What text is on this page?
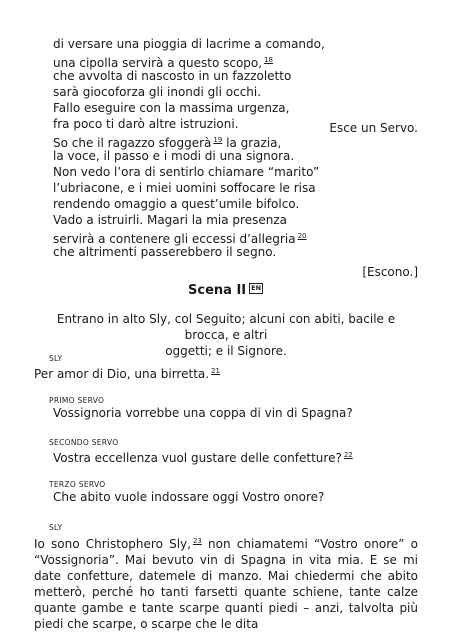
di versare una pioggia di lacrime a comando,
una cipolla servirà a questo scopo, $^{18}$
che avvolta di nascosto in un fazzoletto
sarà giocoforza gli inondi gli occhi.
Fallo eseguire con la massima urgenza,
fra poco ti darò altre istruzioni.	Esce un Servo.
So che il ragazzo sfoggerà $^{19}$ la grazia,
la voce, il passo e i modi di una signora.
Non vedo l’ora di sentirlo chiamare “marito”
l’ubriacone, e i miei uomini soffocare le risa
rendendo omaggio a quest’umile bifolco.
Vado a istruirli. Magari la mia presenza
servirà a contenere gli eccessi d’allegria $^{20}$
che altrimenti passerebbero il segno.
[Escono.]
Scena II EN
Entrano in alto Sly, col Seguito; alcuni con abiti, bacile e brocca, e altri
oggetti; e il Signore.
SLY
Per amor di Dio, una birretta. $^{21}$
PRIMO SERVO
Vossignoria vorrebbe una coppa di vin di Spagna?
SECONDO SERVO
Vostra eccellenza vuol gustare delle confetture? $^{22}$
TERZO SERVO
Che abito vuole indossare oggi Vostro onore?
SLY
Io sono Christophero Sly, $^{23}$ non chiamatemi “Vostro onore” o “Vossignoria”. Mai bevuto vin di Spagna in vita mia. E se mi date confetture, datemele di manzo. Mai chiedermi che abito metterò, perché ho tanti farsetti quante schiene, tante calze quante gambe e tante scarpe quanti piedi – anzi, talvolta più piedi che scarpe, o scarpe che le dita
